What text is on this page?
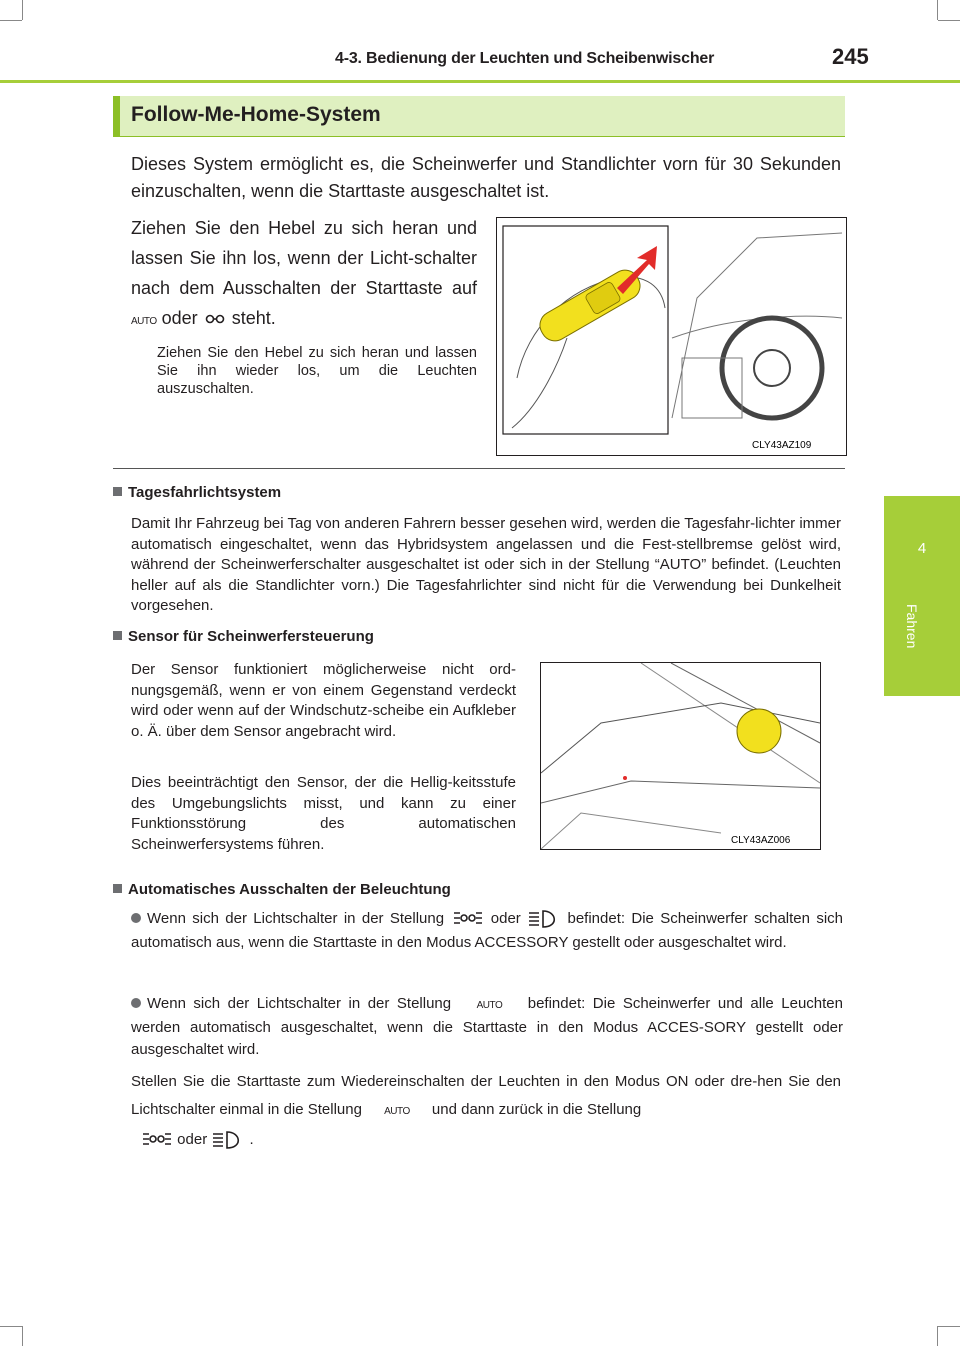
4-3. Bedienung der Leuchten und Scheibenwischer	245
4
Fahren
Follow-Me-Home-System

Dieses System ermöglicht es, die Scheinwerfer und Standlichter vorn für 30 Sekunden einzuschalten, wenn die Starttaste ausgeschaltet ist.

Ziehen Sie den Hebel zu sich heran und lassen Sie ihn los, wenn der Licht-schalter nach dem Ausschalten der Starttaste auf AUTO oder steht.

Ziehen Sie den Hebel zu sich heran und lassen Sie ihn wieder los, um die Leuchten auszuschalten.

CLY43AZ109
Tagesfahrlichtsystem

Damit Ihr Fahrzeug bei Tag von anderen Fahrern besser gesehen wird, werden die Tagesfahr-lichter immer automatisch eingeschaltet, wenn das Hybridsystem angelassen und die Fest-stellbremse gelöst wird, während der Scheinwerferschalter ausgeschaltet ist oder sich in der Stellung “AUTO” befindet. (Leuchten heller auf als die Standlichter vorn.) Die Tagesfahrlichter sind nicht für die Verwendung bei Dunkelheit vorgesehen.

Sensor für Scheinwerfersteuerung

Der Sensor funktioniert möglicherweise nicht ord-nungsgemäß, wenn er von einem Gegenstand verdeckt wird oder wenn auf der Windschutz-scheibe ein Aufkleber o. Ä. über dem Sensor angebracht wird.

Dies beeinträchtigt den Sensor, der die Hellig-keitsstufe des Umgebungslichts misst, und kann zu einer Funktionsstörung des automatischen Scheinwerfersystems führen.	CLY43AZ006
Automatisches Ausschalten der Beleuchtung

Wenn sich der Lichtschalter in der Stellung	oder	befindet: Die Scheinwerfer schalten sich automatisch aus, wenn die Starttaste in den Modus ACCESSORY gestellt oder ausgeschaltet wird.

Wenn sich der Lichtschalter in der Stellung	AUTO befindet: Die Scheinwerfer und alle Leuchten werden automatisch ausgeschaltet, wenn die Starttaste in den Modus ACCES-SORY gestellt oder ausgeschaltet wird.

Stellen Sie die Starttaste zum Wiedereinschalten der Leuchten in den Modus ON oder dre-hen Sie den Lichtschalter einmal in die Stellung AUTO und dann zurück in die Stellung
oder	.
